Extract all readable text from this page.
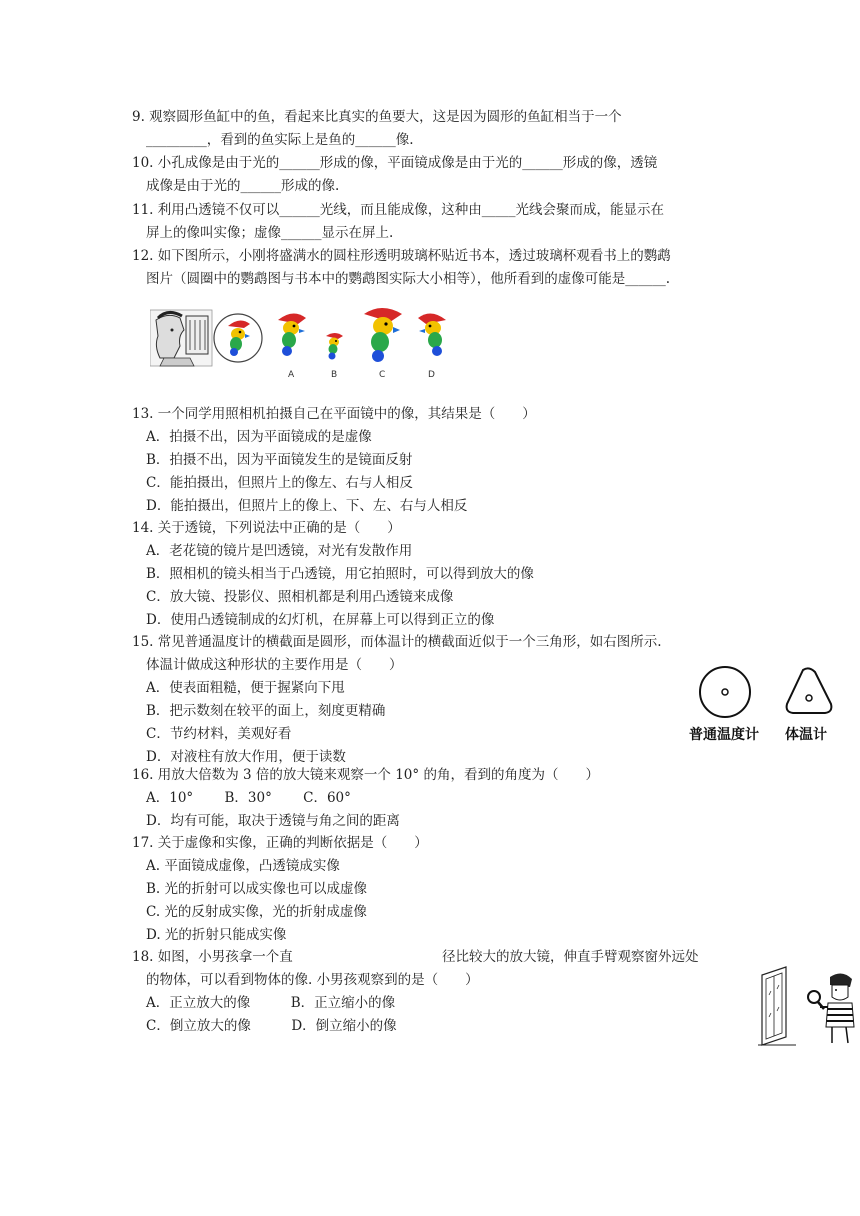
9. 观察圆形鱼缸中的鱼，看起来比真实的鱼要大，这是因为圆形的鱼缸相当于一个
_________，看到的鱼实际上是鱼的______像.
10. 小孔成像是由于光的______形成的像，平面镜成像是由于光的______形成的像，透镜
成像是由于光的______形成的像.
11. 利用凸透镜不仅可以______光线，而且能成像，这种由_____光线会聚而成，能显示在
屏上的像叫实像；虚像______显示在屏上.
12. 如下图所示，小刚将盛满水的圆柱形透明玻璃杯贴近书本，透过玻璃杯观看书上的鹦鹉
图片（圆圈中的鹦鹉图与书本中的鹦鹉图实际大小相等），他所看到的虚像可能是______.
A	B	C	D
13. 一个同学用照相机拍摄自己在平面镜中的像，其结果是（　　）
A．拍摄不出，因为平面镜成的是虚像
B．拍摄不出，因为平面镜发生的是镜面反射
C．能拍摄出，但照片上的像左、右与人相反
D．能拍摄出，但照片上的像上、下、左、右与人相反
14. 关于透镜，下列说法中正确的是（　　）
A．老花镜的镜片是凹透镜，对光有发散作用
B．照相机的镜头相当于凸透镜，用它拍照时，可以得到放大的像
C．放大镜、投影仪、照相机都是利用凸透镜来成像
D．使用凸透镜制成的幻灯机，在屏幕上可以得到正立的像
15. 常见普通温度计的横截面是圆形，而体温计的横截面近似于一个三角形，如右图所示.
体温计做成这种形状的主要作用是（　　）
A．使表面粗糙，便于握紧向下甩
B．把示数刻在较平的面上，刻度更精确
C．节约材料，美观好看
D．对液柱有放大作用，便于读数
普通温度计 体温计
16. 用放大倍数为 3 倍的放大镜来观察一个 10° 的角，看到的角度为（　　）
A．10°　　 B．30°　　 C．60°
D．均有可能，取决于透镜与角之间的距离
17. 关于虚像和实像，正确的判断依据是（　　）
A. 平面镜成虚像，凸透镜成实像
B. 光的折射可以成实像也可以成虚像
C. 光的反射成实像，光的折射成虚像
D. 光的折射只能成实像
18. 如图，小男孩拿一个直	径比较大的放大镜，伸直手臂观察窗外远处
的物体，可以看到物体的像. 小男孩观察到的是（　　）
A．正立放大的像　　　B．正立缩小的像
C．倒立放大的像　　　D．倒立缩小的像
